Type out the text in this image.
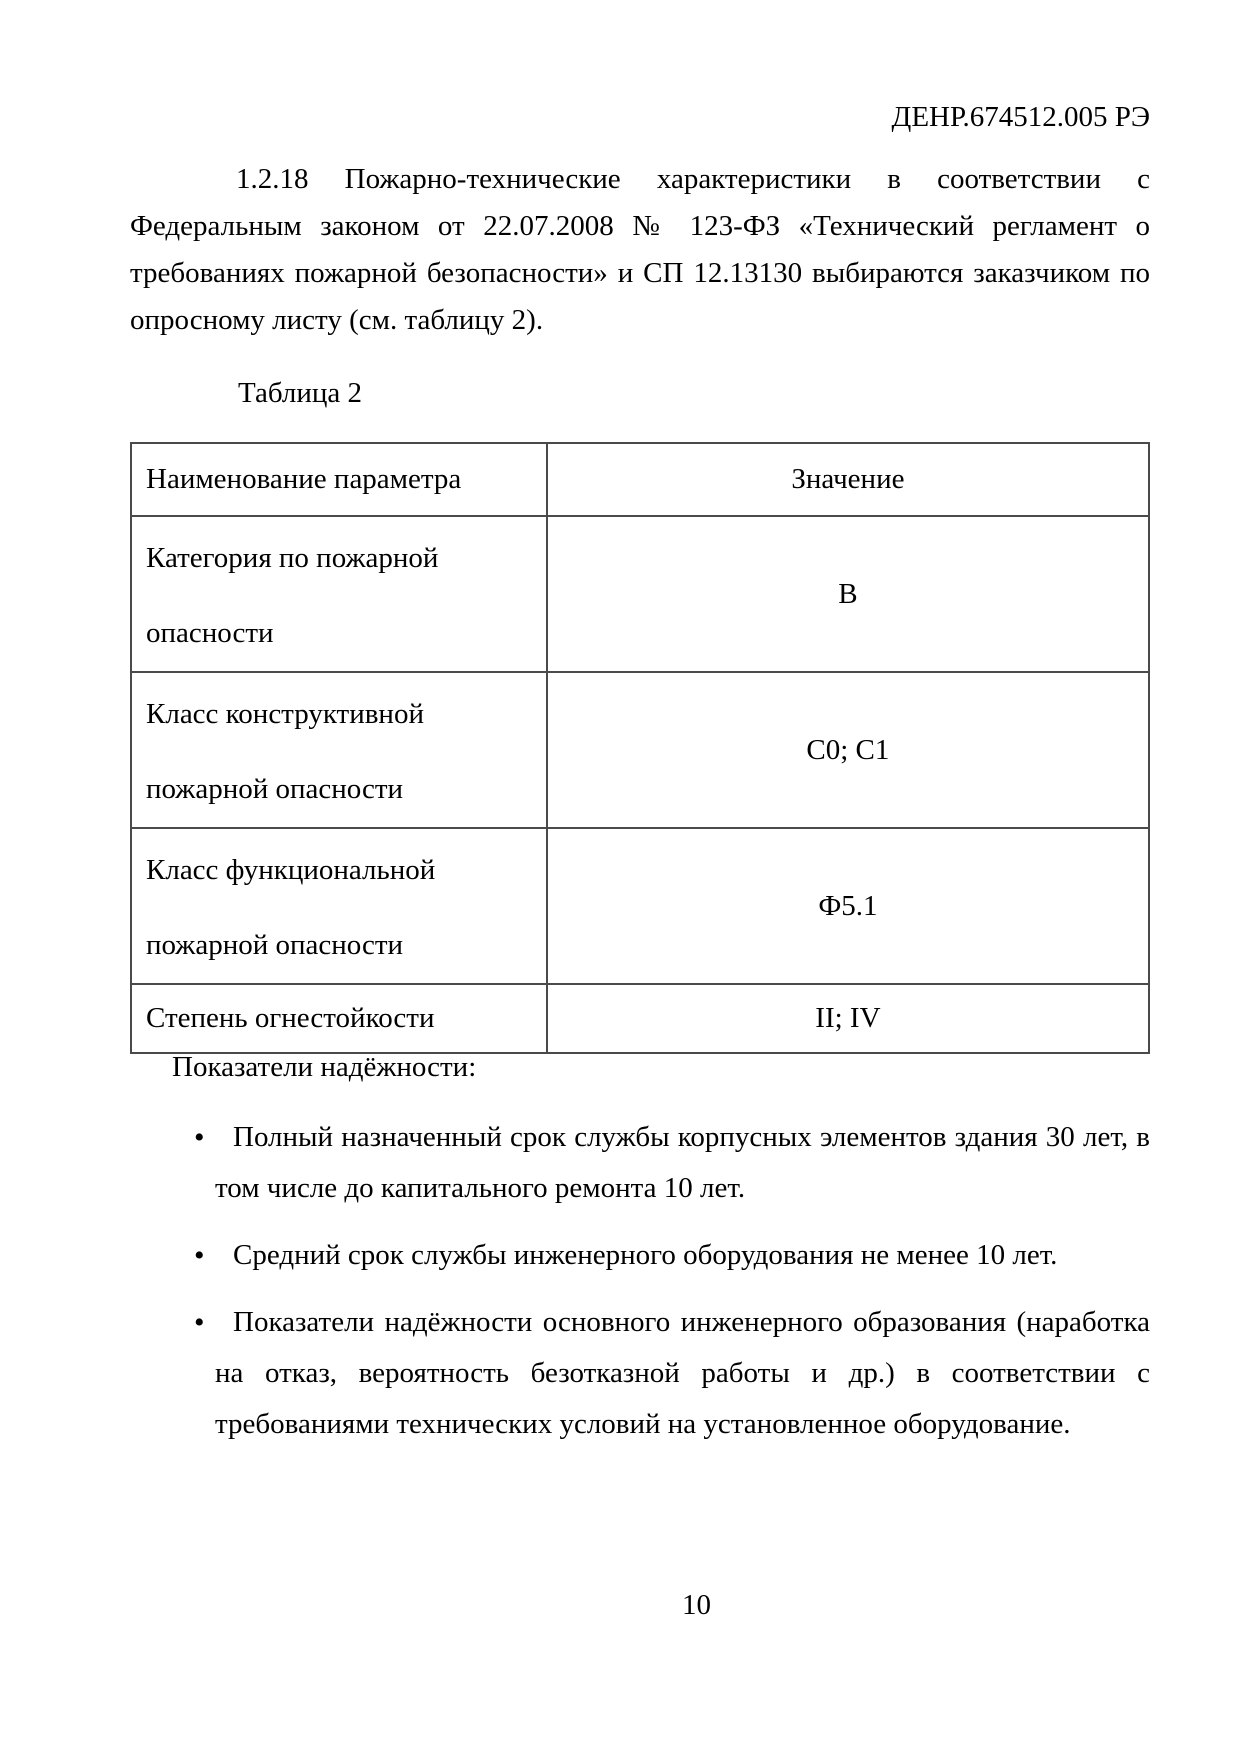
ДЕНР.674512.005 РЭ

1.2.18 Пожарно-технические характеристики в соответствии с Федеральным законом от 22.07.2008 № 123-ФЗ «Технический регламент о требованиях пожарной безопасности» и СП 12.13130 выбираются заказчиком по опросному листу (см. таблицу 2).

Таблица 2
Наименование параметра	Значение
Категория по пожарной опасности	В
Класс конструктивной пожарной опасности	С0; С1
Класс функциональной пожарной опасности	Ф5.1
Степень огнестойкости	II; IV
Показатели надёжности:
• Полный назначенный срок службы корпусных элементов здания 30 лет, в том числе до капитального ремонта 10 лет.
• Средний срок службы инженерного оборудования не менее 10 лет.
• Показатели надёжности основного инженерного образования (наработка на отказ, вероятность безотказной работы и др.) в соответствии с требованиями технических условий на установленное оборудование.
10
